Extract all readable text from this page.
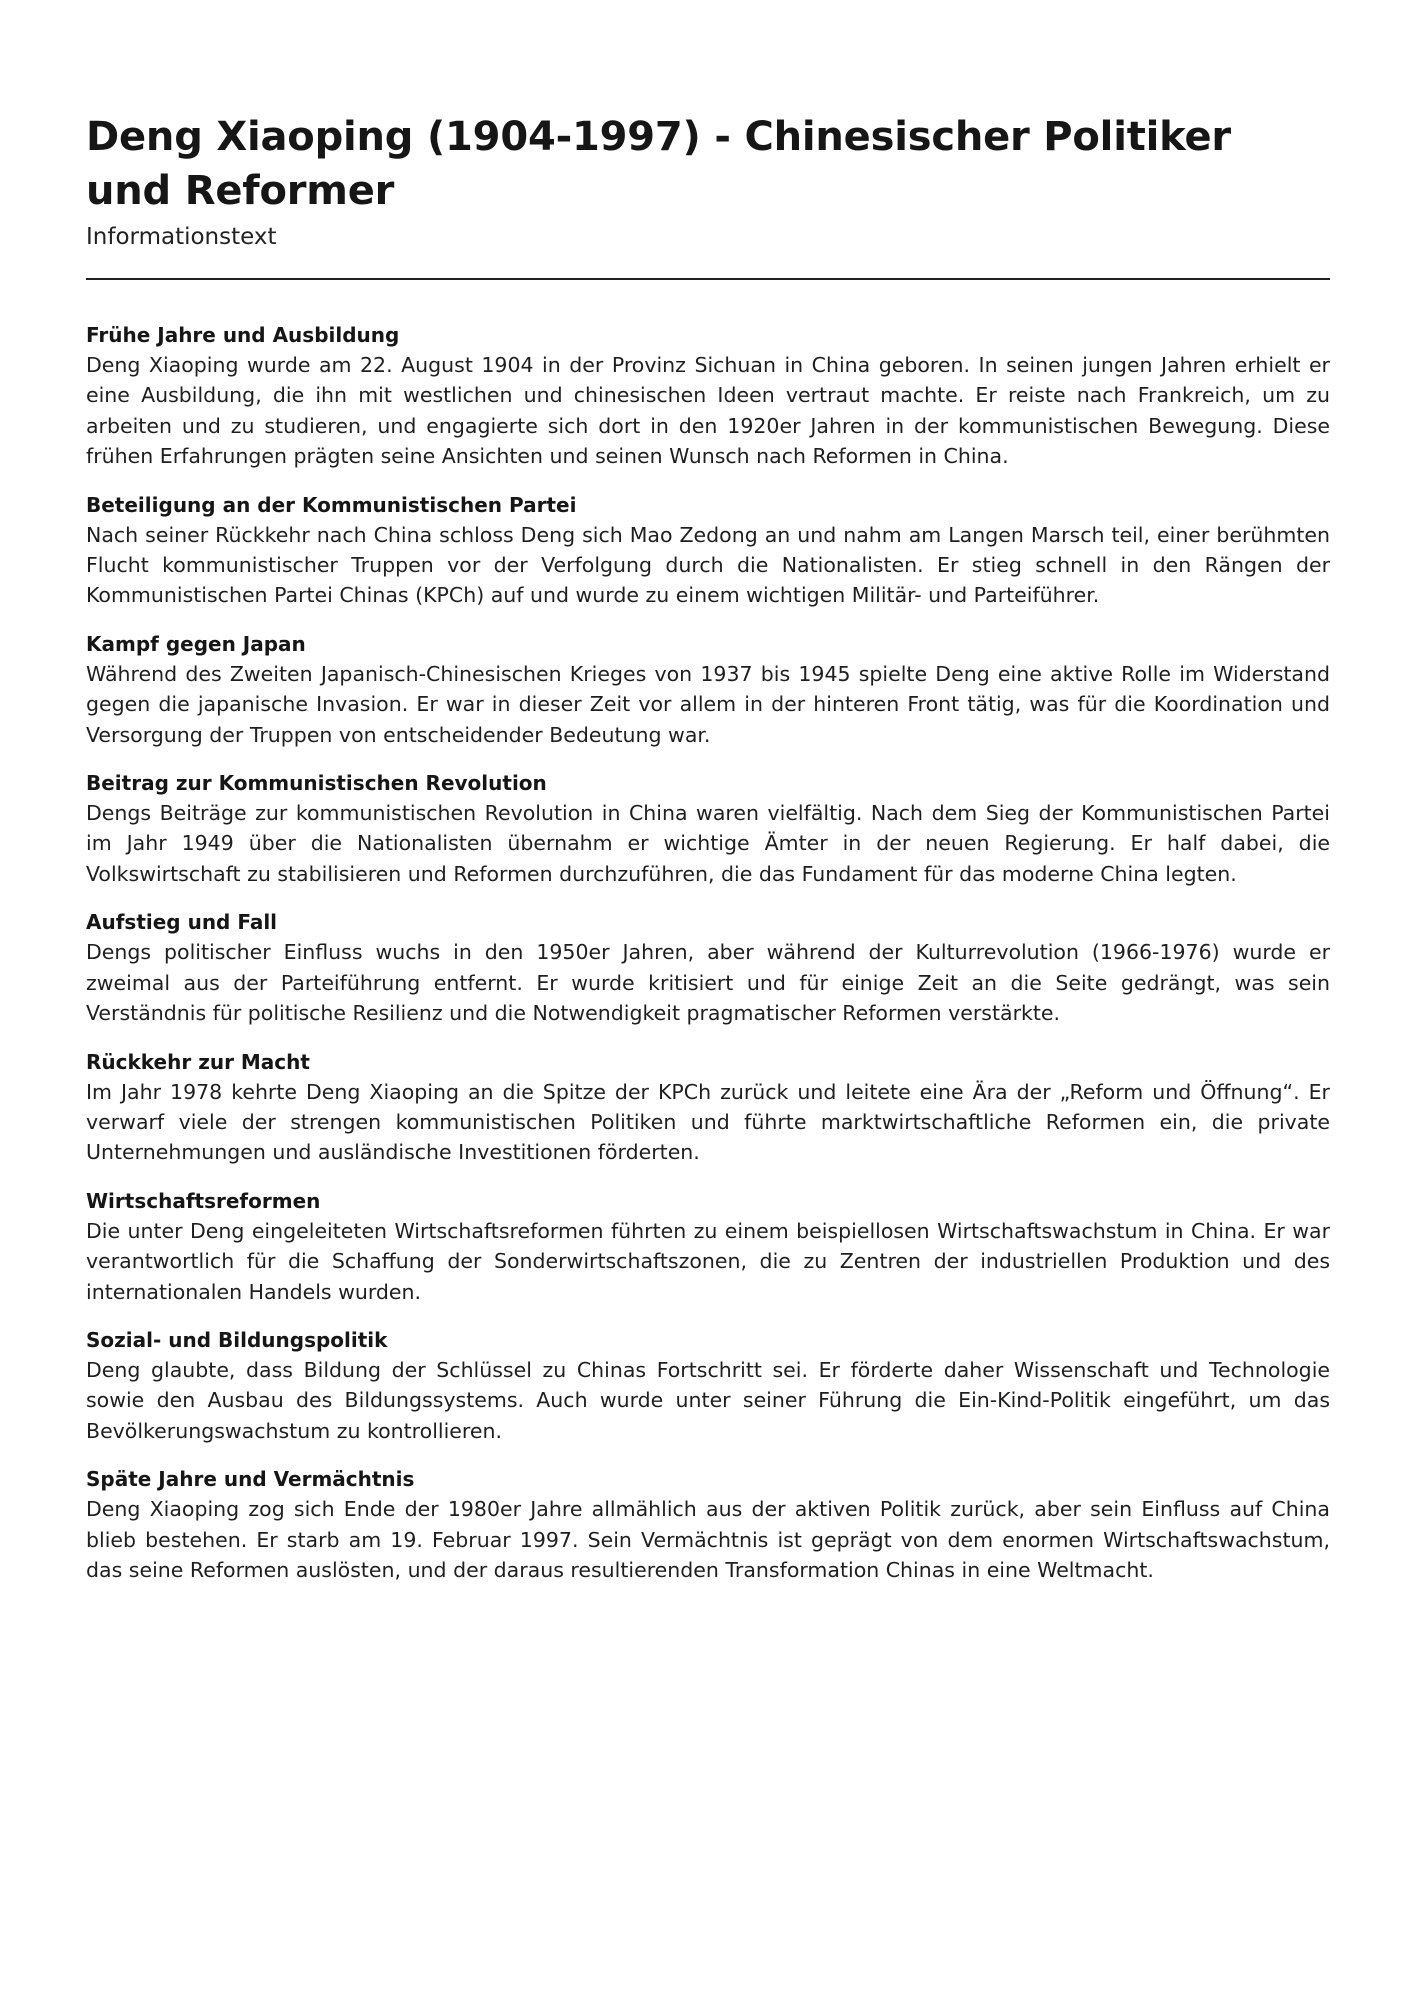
Deng Xiaoping (1904-1997) - Chinesischer Politiker und Reformer
Informationstext
Frühe Jahre und Ausbildung

Deng Xiaoping wurde am 22. August 1904 in der Provinz Sichuan in China geboren. In seinen jungen Jahren erhielt er eine Ausbildung, die ihn mit westlichen und chinesischen Ideen vertraut machte. Er reiste nach Frankreich, um zu arbeiten und zu studieren, und engagierte sich dort in den 1920er Jahren in der kommunistischen Bewegung. Diese frühen Erfahrungen prägten seine Ansichten und seinen Wunsch nach Reformen in China.

Beteiligung an der Kommunistischen Partei

Nach seiner Rückkehr nach China schloss Deng sich Mao Zedong an und nahm am Langen Marsch teil, einer berühmten Flucht kommunistischer Truppen vor der Verfolgung durch die Nationalisten. Er stieg schnell in den Rängen der Kommunistischen Partei Chinas (KPCh) auf und wurde zu einem wichtigen Militär- und Parteiführer.

Kampf gegen Japan

Während des Zweiten Japanisch-Chinesischen Krieges von 1937 bis 1945 spielte Deng eine aktive Rolle im Widerstand gegen die japanische Invasion. Er war in dieser Zeit vor allem in der hinteren Front tätig, was für die Koordination und Versorgung der Truppen von entscheidender Bedeutung war.

Beitrag zur Kommunistischen Revolution

Dengs Beiträge zur kommunistischen Revolution in China waren vielfältig. Nach dem Sieg der Kommunistischen Partei im Jahr 1949 über die Nationalisten übernahm er wichtige Ämter in der neuen Regierung. Er half dabei, die Volkswirtschaft zu stabilisieren und Reformen durchzuführen, die das Fundament für das moderne China legten.

Aufstieg und Fall

Dengs politischer Einfluss wuchs in den 1950er Jahren, aber während der Kulturrevolution (1966-1976) wurde er zweimal aus der Parteiführung entfernt. Er wurde kritisiert und für einige Zeit an die Seite gedrängt, was sein Verständnis für politische Resilienz und die Notwendigkeit pragmatischer Reformen verstärkte.

Rückkehr zur Macht

Im Jahr 1978 kehrte Deng Xiaoping an die Spitze der KPCh zurück und leitete eine Ära der „Reform und Öffnung“. Er verwarf viele der strengen kommunistischen Politiken und führte marktwirtschaftliche Reformen ein, die private Unternehmungen und ausländische Investitionen förderten.

Wirtschaftsreformen

Die unter Deng eingeleiteten Wirtschaftsreformen führten zu einem beispiellosen Wirtschaftswachstum in China. Er war verantwortlich für die Schaffung der Sonderwirtschaftszonen, die zu Zentren der industriellen Produktion und des internationalen Handels wurden.

Sozial- und Bildungspolitik

Deng glaubte, dass Bildung der Schlüssel zu Chinas Fortschritt sei. Er förderte daher Wissenschaft und Technologie sowie den Ausbau des Bildungssystems. Auch wurde unter seiner Führung die Ein-Kind-Politik eingeführt, um das Bevölkerungswachstum zu kontrollieren.

Späte Jahre und Vermächtnis

Deng Xiaoping zog sich Ende der 1980er Jahre allmählich aus der aktiven Politik zurück, aber sein Einfluss auf China blieb bestehen. Er starb am 19. Februar 1997. Sein Vermächtnis ist geprägt von dem enormen Wirtschaftswachstum, das seine Reformen auslösten, und der daraus resultierenden Transformation Chinas in eine Weltmacht.
